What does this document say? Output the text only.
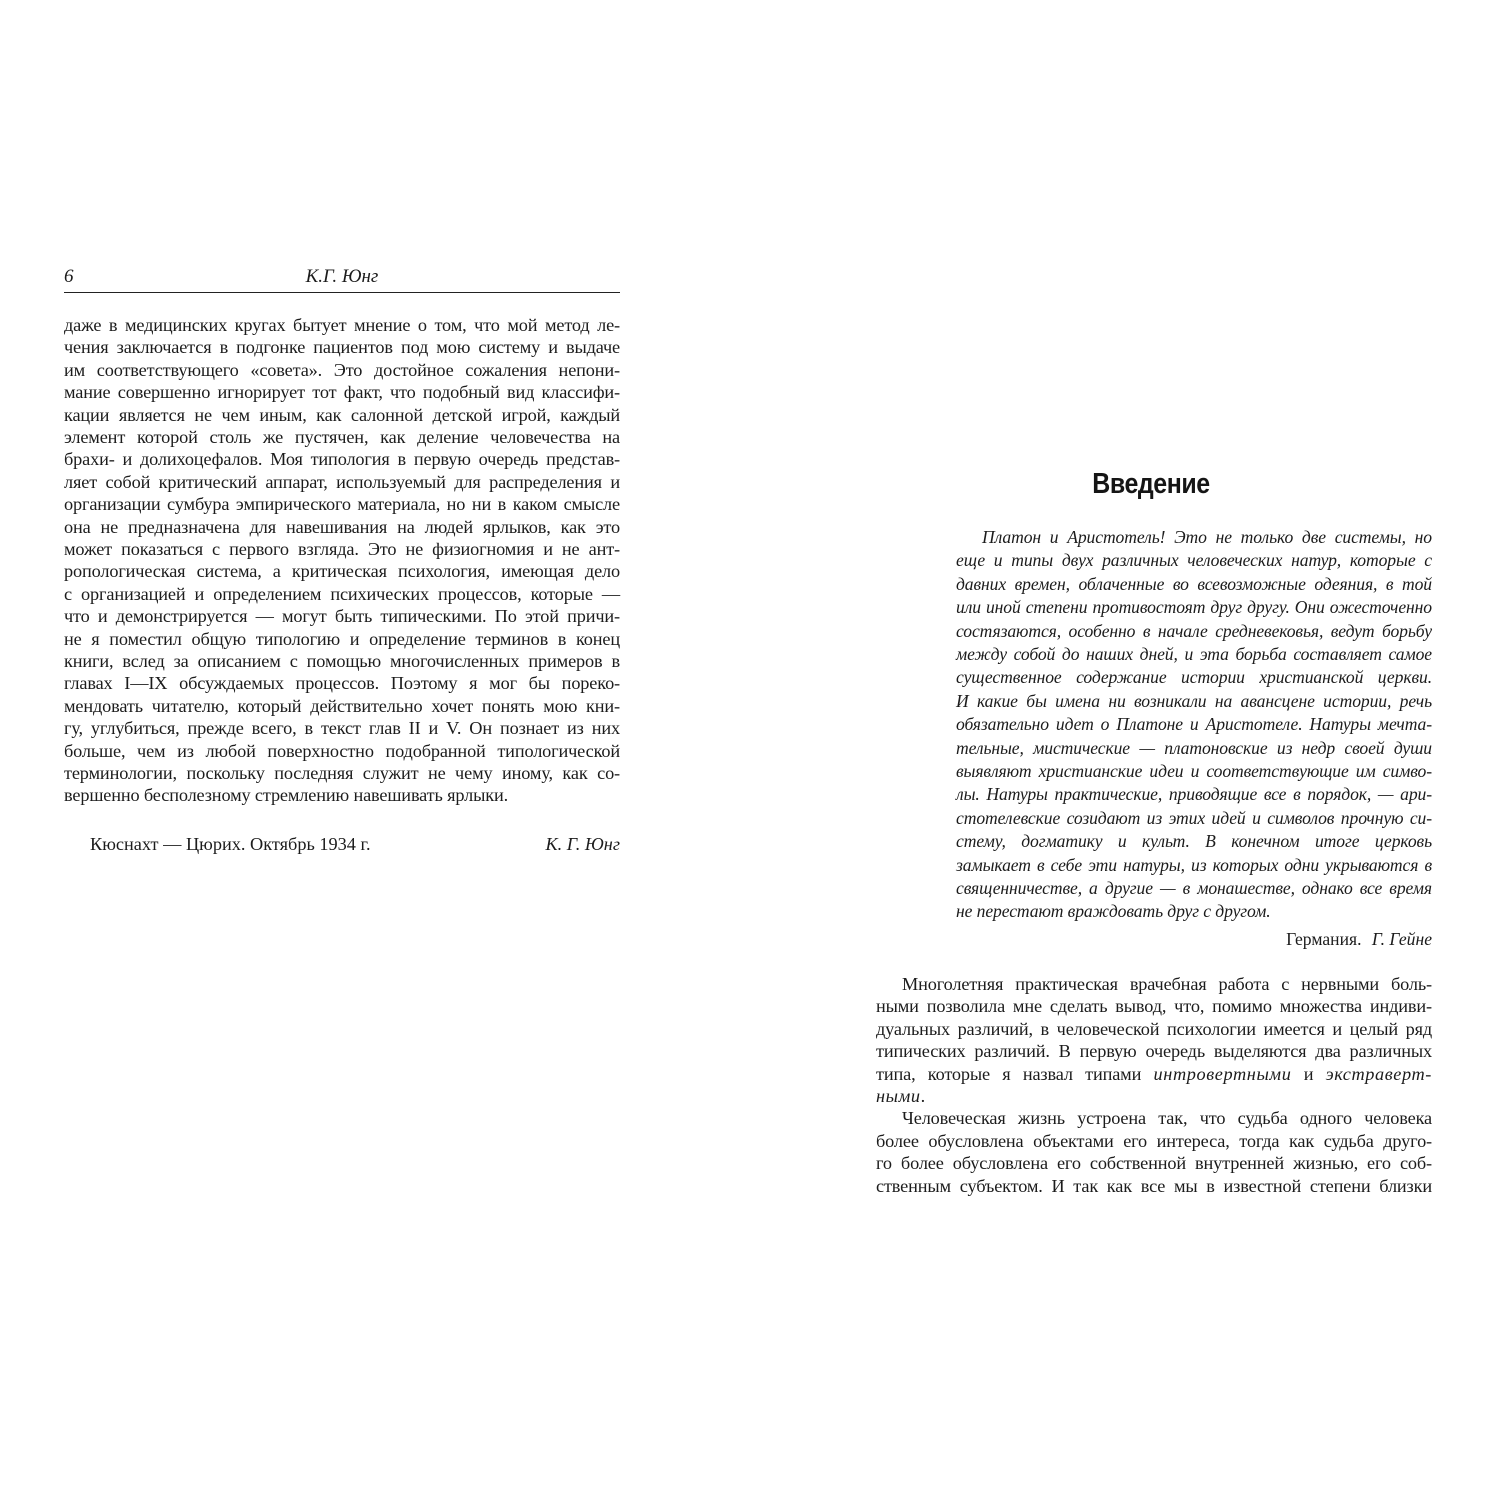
6	К.Г. Юнг
даже в медицинских кругах бытует мнение о том, что мой метод ле-
чения заключается в подгонке пациентов под мою систему и выдаче
им соответствующего «совета». Это достойное сожаления непони-
мание совершенно игнорирует тот факт, что подобный вид классифи-
кации является не чем иным, как салонной детской игрой, каждый
элемент которой столь же пустячен, как деление человечества на
брахи- и долихоцефалов. Моя типология в первую очередь представ-
ляет собой критический аппарат, используемый для распределения и
организации сумбура эмпирического материала, но ни в каком смысле
она не предназначена для навешивания на людей ярлыков, как это
может показаться с первого взгляда. Это не физиогномия и не ант-
ропологическая система, а критическая психология, имеющая дело
с организацией и определением психических процессов, которые —
что и демонстрируется — могут быть типическими. По этой причи-
не я поместил общую типологию и определение терминов в конец
книги, вслед за описанием с помощью многочисленных примеров в
главах I—IX обсуждаемых процессов. Поэтому я мог бы пореко-
мендовать читателю, который действительно хочет понять мою кни-
гу, углубиться, прежде всего, в текст глав II и V. Он познает из них
больше, чем из любой поверхностно подобранной типологической
терминологии, поскольку последняя служит не чему иному, как со-
вершенно бесполезному стремлению навешивать ярлыки.
Кюснахт — Цюрих. Октябрь 1934 г.	К. Г. Юнг
Введение
Платон и Аристотель! Это не только две системы, но
еще и типы двух различных человеческих натур, которые с
давних времен, облаченные во всевозможные одеяния, в той
или иной степени противостоят друг другу. Они ожесточенно
состязаются, особенно в начале средневековья, ведут борьбу
между собой до наших дней, и эта борьба составляет самое
существенное содержание истории христианской церкви.
И какие бы имена ни возникали на авансцене истории, речь
обязательно идет о Платоне и Аристотеле. Натуры мечта-
тельные, мистические — платоновские из недр своей души
выявляют христианские идеи и соответствующие им симво-
лы. Натуры практические, приводящие все в порядок, — ари-
стотелевские созидают из этих идей и символов прочную си-
стему, догматику и культ. В конечном итоге церковь
замыкает в себе эти натуры, из которых одни укрываются в
священничестве, а другие — в монашестве, однако все время
не перестают враждовать друг с другом.
Германия. Г. Гейне
типа, которые я назвал типами интровертными и экстраверт-
ными.
Многолетняя практическая врачебная работа с нервными боль-
ными позволила мне сделать вывод, что, помимо множества индиви-
дуальных различий, в человеческой психологии имеется и целый ряд
типических различий. В первую очередь выделяются два различных
Человеческая жизнь устроена так, что судьба одного человека
более обусловлена объектами его интереса, тогда как судьба друго-
го более обусловлена его собственной внутренней жизнью, его соб-
ственным субъектом. И так как все мы в известной степени близки
